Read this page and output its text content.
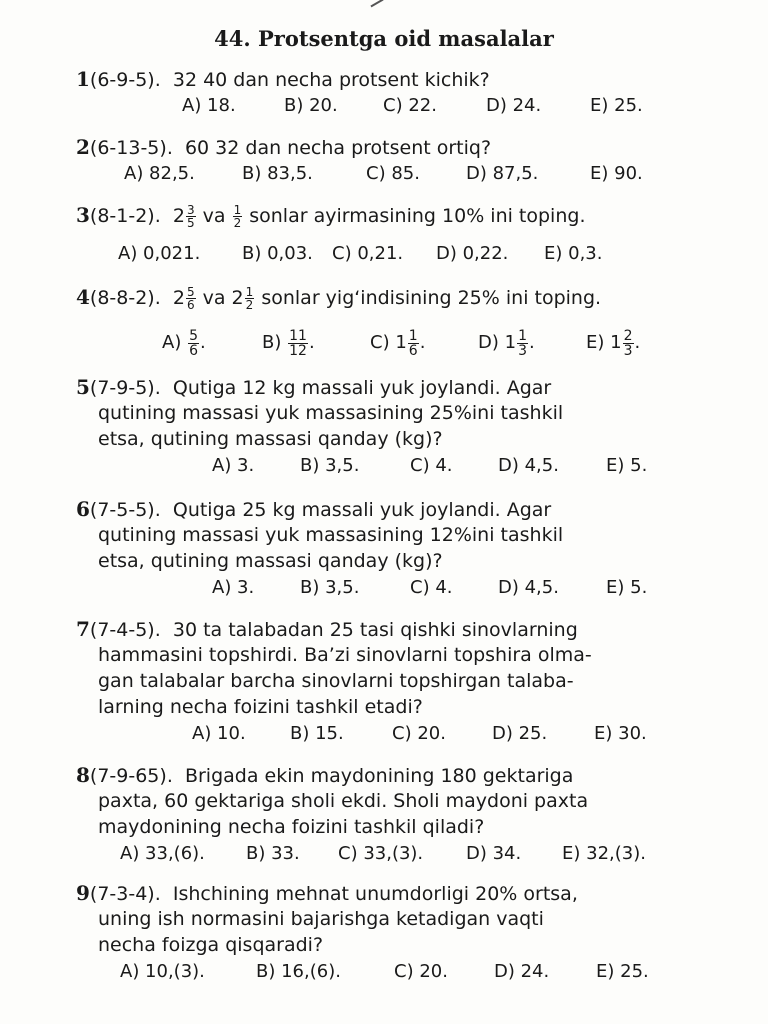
44. Protsentga oid masalalar
1(6-9-5). 32 40 dan necha protsent kichik?
A) 18.	B) 20.	C) 22.	D) 24.	E) 25.
2(6-13-5). 60 32 dan necha protsent ortiq?
A) 82,5.	B) 83,5.	C) 85.	D) 87,5.	E) 90.
3(8-1-2). $2 \frac{3}{5}$ va $\frac{1}{2}$ sonlar ayirmasining 10% ini toping.
A) 0,021. B) 0,03. C) 0,21. D) 0,22. E) 0,3.
4(8-8-2). $2 \frac{5}{6}$ va $2 \frac{1}{2}$ sonlar yig‘indisining 25% ini toping.
$A) \frac{5}{6}$ .	$B) \frac{11}{12}$ .	C) $1 \frac{1}{6}$ .	D) $1 \frac{1}{3}$ .	E) $1 \frac{2}{3}$ .
5(7-9-5). Qutiga 12 kg massali yuk joylandi. Agar
qutining massasi yuk massasining 25%ini tashkil
etsa, qutining massasi qanday (kg)?
A) 3.	B) 3,5.	C) 4.	D) 4,5.	E) 5.
6(7-5-5). Qutiga 25 kg massali yuk joylandi. Agar
qutining massasi yuk massasining 12%ini tashkil
etsa, qutining massasi qanday (kg)?
A) 3.	B) 3,5.	C) 4.	D) 4,5.	E) 5.
7(7-4-5). 30 ta talabadan 25 tasi qishki sinovlarning
hammasini topshirdi. Ba’zi sinovlarni topshira olma-
gan talabalar barcha sinovlarni topshirgan talaba-
larning necha foizini tashkil etadi?
A) 10. B) 15.	C) 20.	D) 25.	E) 30.
8(7-9-65). Brigada ekin maydonining 180 gektariga
paxta, 60 gektariga sholi ekdi. Sholi maydoni paxta
maydonining necha foizini tashkil qiladi?
A) 33,(6). B) 33. C) 33,(3). D) 34. E) 32,(3).
9(7-3-4). Ishchining mehnat unumdorligi 20% ortsa,
uning ish normasini bajarishga ketadigan vaqti
necha foizga qisqaradi?
A) 10,(3).	B) 16,(6).	C) 20.	D) 24.	E) 25.
